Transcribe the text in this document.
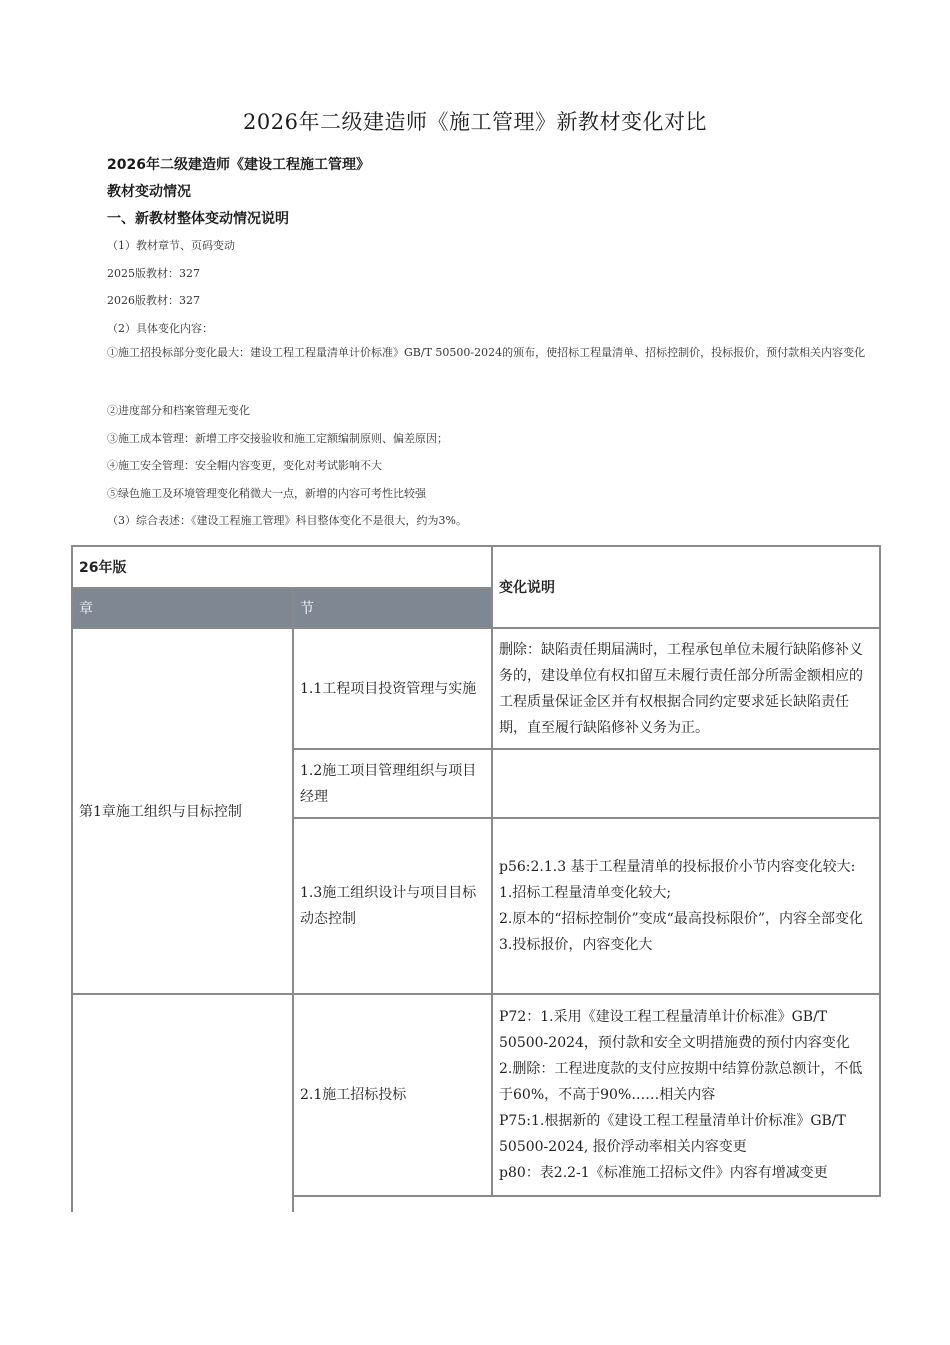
2026年二级建造师《施工管理》新教材变化对比
2026年二级建造师《建设工程施工管理》
教材变动情况
一、新教材整体变动情况说明
（1）教材章节、页码变动
2025版教材：327
2026版教材：327
（2）具体变化内容：
①施工招投标部分变化最大：建设工程工程量清单计价标准》GB/T 50500-2024的颁布，使招标工程量清单、招标控制价，投标报价，预付款相关内容变化
②进度部分和档案管理无变化
③施工成本管理：新增工序交接验收和施工定额编制原则、偏差原因；
④施工安全管理：安全帽内容变更，变化对考试影响不大
⑤绿色施工及环境管理变化稍微大一点，新增的内容可考性比较强
（3）综合表述：《建设工程施工管理》科目整体变化不是很大，约为3%。
26年版		变化说明
章	节	
第1章施工组织与目标控制	1.1工程项目投资管理与实施	删除：缺陷责任期届满时，工程承包单位未履行缺陷修补义务的，建设单位有权扣留互未履行责任部分所需金额相应的工程质量保证金区并有权根据合同约定要求延长缺陷责任期，直至履行缺陷修补义务为正。
	1.2施工项目管理组织与项目经理	
	1.3施工组织设计与项目目标动态控制	p56:2.1.3 基于工程量清单的投标报价小节内容变化较大:
1.招标工程量清单变化较大;
2.原本的“招标控制价”变成“最高投标限价”，内容全部变化
3.投标报价，内容变化大

	2.1施工招标投标	P72：1.采用《建设工程工程量清单计价标准》GB/T 50500-2024，预付款和安全文明措施费的预付内容变化
2.删除：工程进度款的支付应按期中结算份款总额计，不低于60%，不高于90%……相关内容
P75:1.根据新的《建设工程工程量清单计价标准》GB/T 50500-2024, 报价浮动率相关内容变更
p80：表2.2-1《标准施工招标文件》内容有增减变更
